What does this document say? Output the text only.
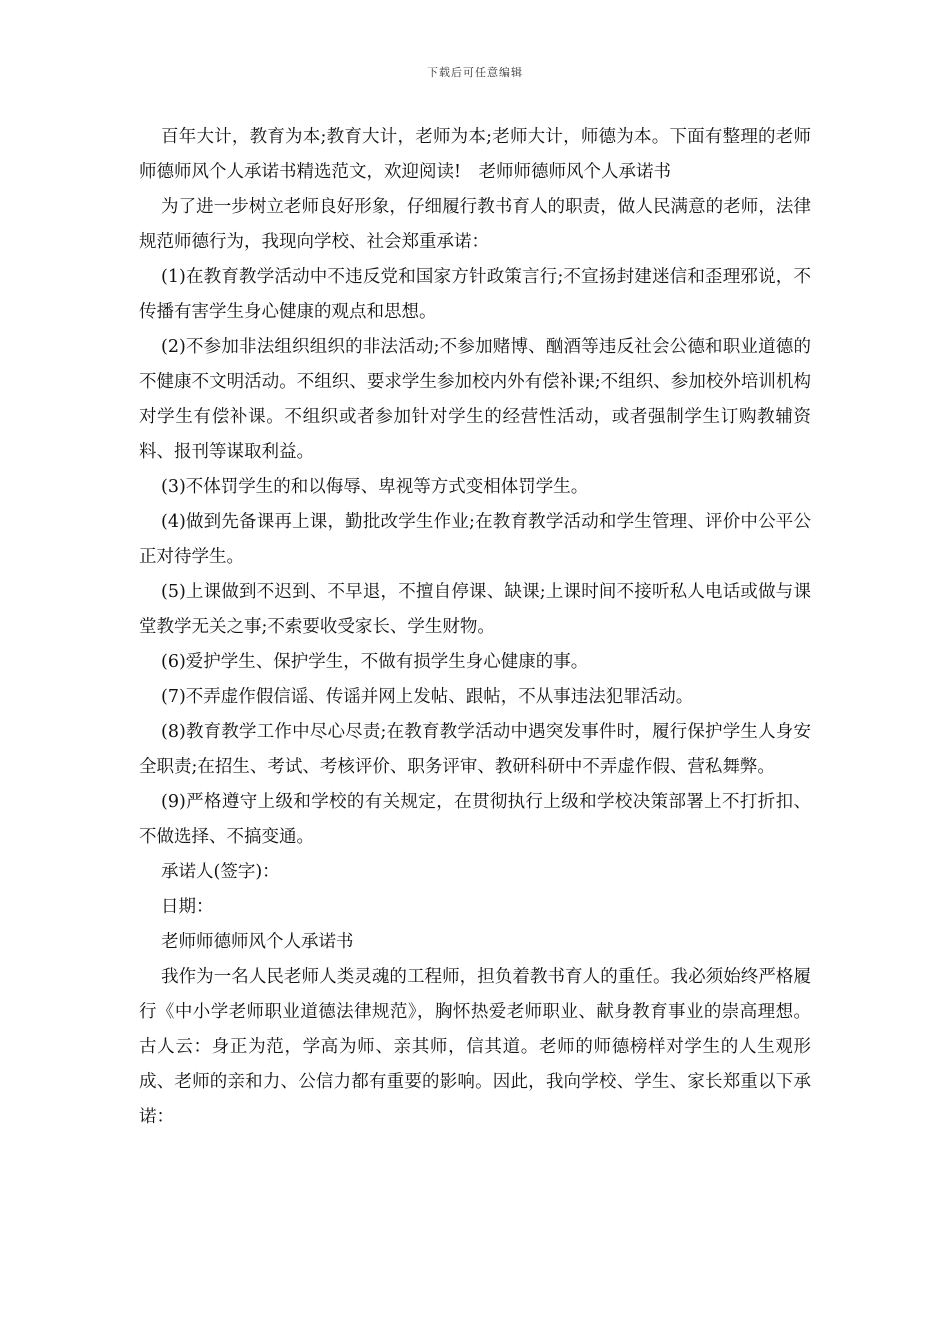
下载后可任意编辑

百年大计，教育为本;教育大计，老师为本;老师大计，师德为本。下面有整理的老师师德师风个人承诺书精选范文，欢迎阅读!　老师师德师风个人承诺书

为了进一步树立老师良好形象，仔细履行教书育人的职责，做人民满意的老师，法律规范师德行为，我现向学校、社会郑重承诺：

(1)在教育教学活动中不违反党和国家方针政策言行;不宣扬封建迷信和歪理邪说，不传播有害学生身心健康的观点和思想。

(2)不参加非法组织组织的非法活动;不参加赌博、酗酒等违反社会公德和职业道德的不健康不文明活动。不组织、要求学生参加校内外有偿补课;不组织、参加校外培训机构对学生有偿补课。不组织或者参加针对学生的经营性活动，或者强制学生订购教辅资料、报刊等谋取利益。

(3)不体罚学生的和以侮辱、卑视等方式变相体罚学生。

(4)做到先备课再上课，勤批改学生作业;在教育教学活动和学生管理、评价中公平公正对待学生。

(5)上课做到不迟到、不早退，不擅自停课、缺课;上课时间不接听私人电话或做与课堂教学无关之事;不索要收受家长、学生财物。

(6)爱护学生、保护学生，不做有损学生身心健康的事。

(7)不弄虚作假信谣、传谣并网上发帖、跟帖，不从事违法犯罪活动。

(8)教育教学工作中尽心尽责;在教育教学活动中遇突发事件时，履行保护学生人身安全职责;在招生、考试、考核评价、职务评审、教研科研中不弄虚作假、营私舞弊。

(9)严格遵守上级和学校的有关规定，在贯彻执行上级和学校决策部署上不打折扣、不做选择、不搞变通。

承诺人(签字)：

日期：

老师师德师风个人承诺书

我作为一名人民老师人类灵魂的工程师，担负着教书育人的重任。我必须始终严格履行《中小学老师职业道德法律规范》，胸怀热爱老师职业、献身教育事业的崇高理想。古人云：身正为范，学高为师、亲其师，信其道。老师的师德榜样对学生的人生观形成、老师的亲和力、公信力都有重要的影响。因此，我向学校、学生、家长郑重以下承诺：
